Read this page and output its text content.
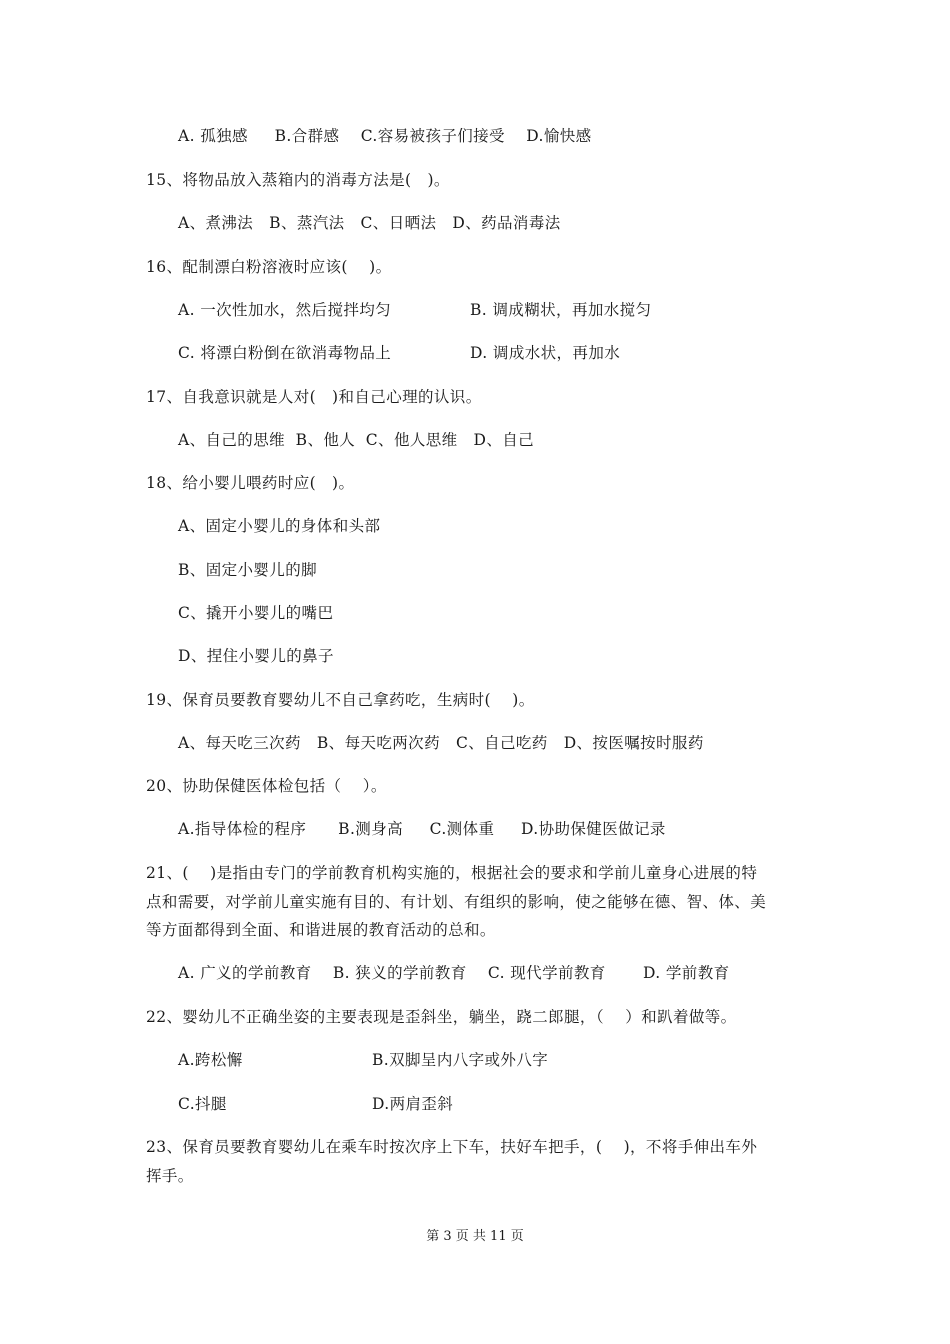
A. 孤独感     B.合群感    C.容易被孩子们接受    D.愉快感
15、将物品放入蒸箱内的消毒方法是(   )。
A、煮沸法   B、蒸汽法   C、日晒法   D、药品消毒法
16、配制漂白粉溶液时应该(    )。
A. 一次性加水，然后搅拌均匀	B. 调成糊状，再加水搅匀
C. 将漂白粉倒在欲消毒物品上	D. 调成水状，再加水
17、自我意识就是人对(   )和自己心理的认识。
A、自己的思维  B、他人  C、他人思维   D、自己
18、给小婴儿喂药时应(   )。
A、固定小婴儿的身体和头部
B、固定小婴儿的脚
C、撬开小婴儿的嘴巴
D、捏住小婴儿的鼻子
19、保育员要教育婴幼儿不自己拿药吃，生病时(    )。
A、每天吃三次药   B、每天吃两次药   C、自己吃药   D、按医嘱按时服药
20、协助保健医体检包括（    ）。
A.指导体检的程序      B.测身高     C.测体重     D.协助保健医做记录
21、(    )是指由专门的学前教育机构实施的，根据社会的要求和学前儿童身心进展的特
点和需要，对学前儿童实施有目的、有计划、有组织的影响，使之能够在德、智、体、美
等方面都得到全面、和谐进展的教育活动的总和。
A. 广义的学前教育    B. 狭义的学前教育    C. 现代学前教育       D. 学前教育
22、婴幼儿不正确坐姿的主要表现是歪斜坐，躺坐，跷二郎腿，（    ）和趴着做等。
A.跨松懈	B.双脚呈内八字或外八字
C.抖腿	D.两肩歪斜
23、保育员要教育婴幼儿在乘车时按次序上下车，扶好车把手，(    )，不将手伸出车外
挥手。
第 3 页 共 11 页
